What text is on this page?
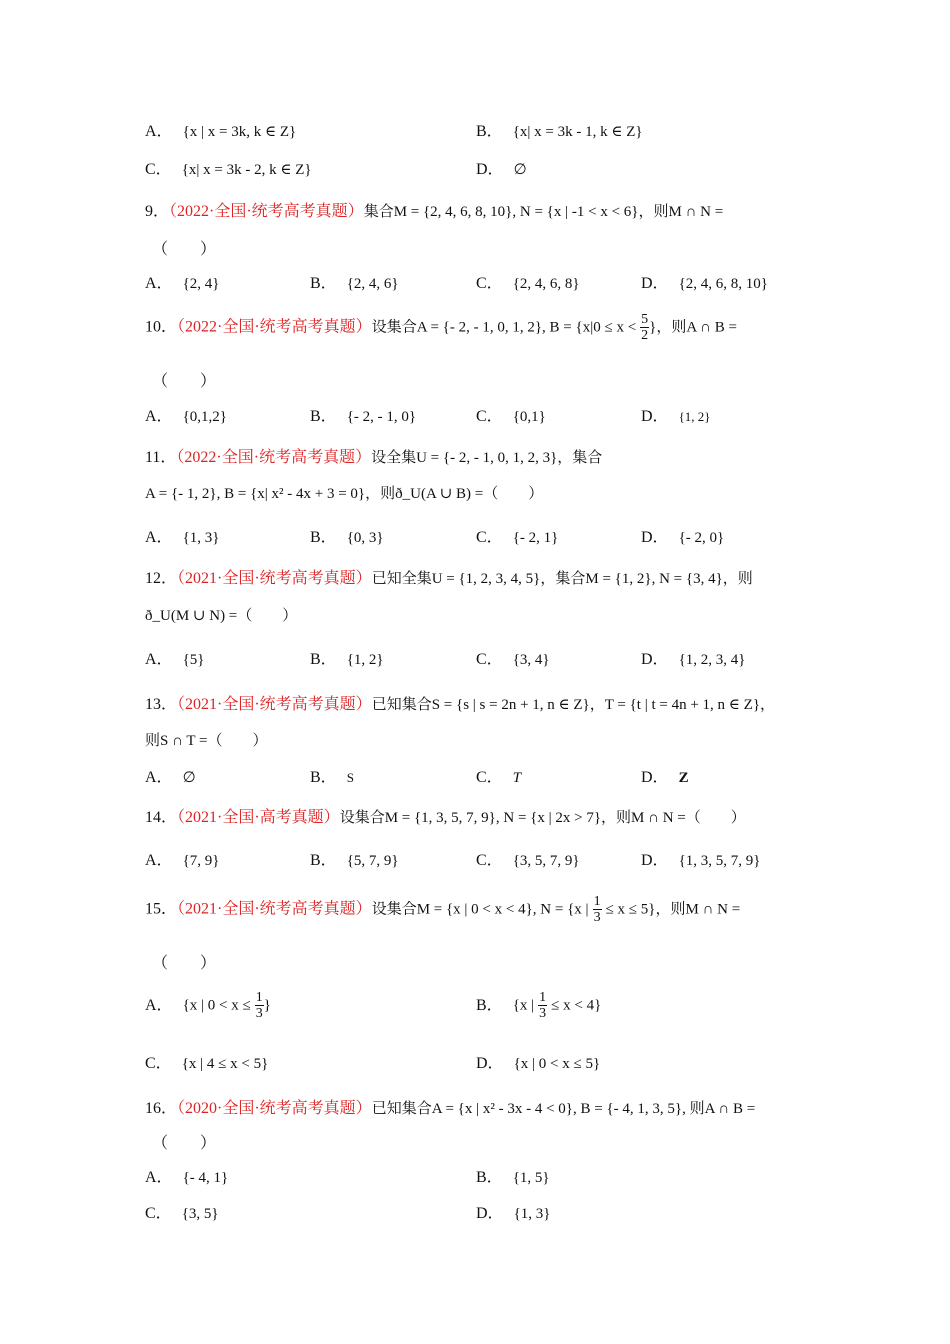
A． {x | x = 3k, k ∈ Z}	B． {x| x = 3k - 1, k ∈ Z}
C． {x| x = 3k - 2, k ∈ Z}	D． ∅
9．（2022·全国·统考高考真题）集合M = {2, 4, 6, 8, 10}, N = {x | -1 < x < 6}，则M ∩ N =
（　　）
A． {2, 4}	B． {2, 4, 6}	C． {2, 4, 6, 8}	D． {2, 4, 6, 8, 10}
10．（2022·全国·统考高考真题）设集合A = {- 2, - 1, 0, 1, 2}, $B = \{x|0 \le x < \frac{5}{2}$ }，则A ∩ B =
（　　）
A． {0,1,2}	B． {- 2, - 1, 0}	C． {0,1}	D． {1, 2}
11．（2022·全国·统考高考真题）设全集U = {- 2, - 1, 0, 1, 2, 3}，集合
A = {- 1, 2}, B = {x| x² - 4x + 3 = 0}，则ð_U(A ∪ B) =（　　）
A． {1, 3}	B． {0, 3}	C． {- 2, 1}	D． {- 2, 0}
12．（2021·全国·统考高考真题）已知全集U = {1, 2, 3, 4, 5}，集合M = {1, 2}, N = {3, 4}，则
ð_U(M ∪ N) =（　　）
A． {5}	B． {1, 2}	C． {3, 4}	D． {1, 2, 3, 4}
13．（2021·全国·统考高考真题）已知集合S = {s | s = 2n + 1, n ∈ Z}，T = {t | t = 4n + 1, n ∈ Z}，
则S ∩ T =（　　）
A． ∅	B． S	C． T	D． Z
14．（2021·全国·高考真题）设集合M = {1, 3, 5, 7, 9}, N = {x | 2x > 7}，则M ∩ N =（　　）
A． {7, 9}	B． {5, 7, 9}	C． {3, 5, 7, 9}	D． {1, 3, 5, 7, 9}
15．（2021·全国·统考高考真题）设集合M = {x | 0 < x < 4}, N = {x | $\frac{1}{3} \le x \le 5$}，则M ∩ N =
（　　）
A． {x | $0 < x \le \frac{1}{3}$ }	B． {x | $\frac{1}{3} \le x < 4$}
C． {x | 4 ≤ x < 5}	D． {x | 0 < x ≤ 5}
16．（2020·全国·统考高考真题）已知集合A = {x | x² - 3x - 4 < 0}, B = {- 4, 1, 3, 5}, 则A ∩ B =
（　　）
A． {- 4, 1}	B． {1, 5}
C． {3, 5}	D． {1, 3}
